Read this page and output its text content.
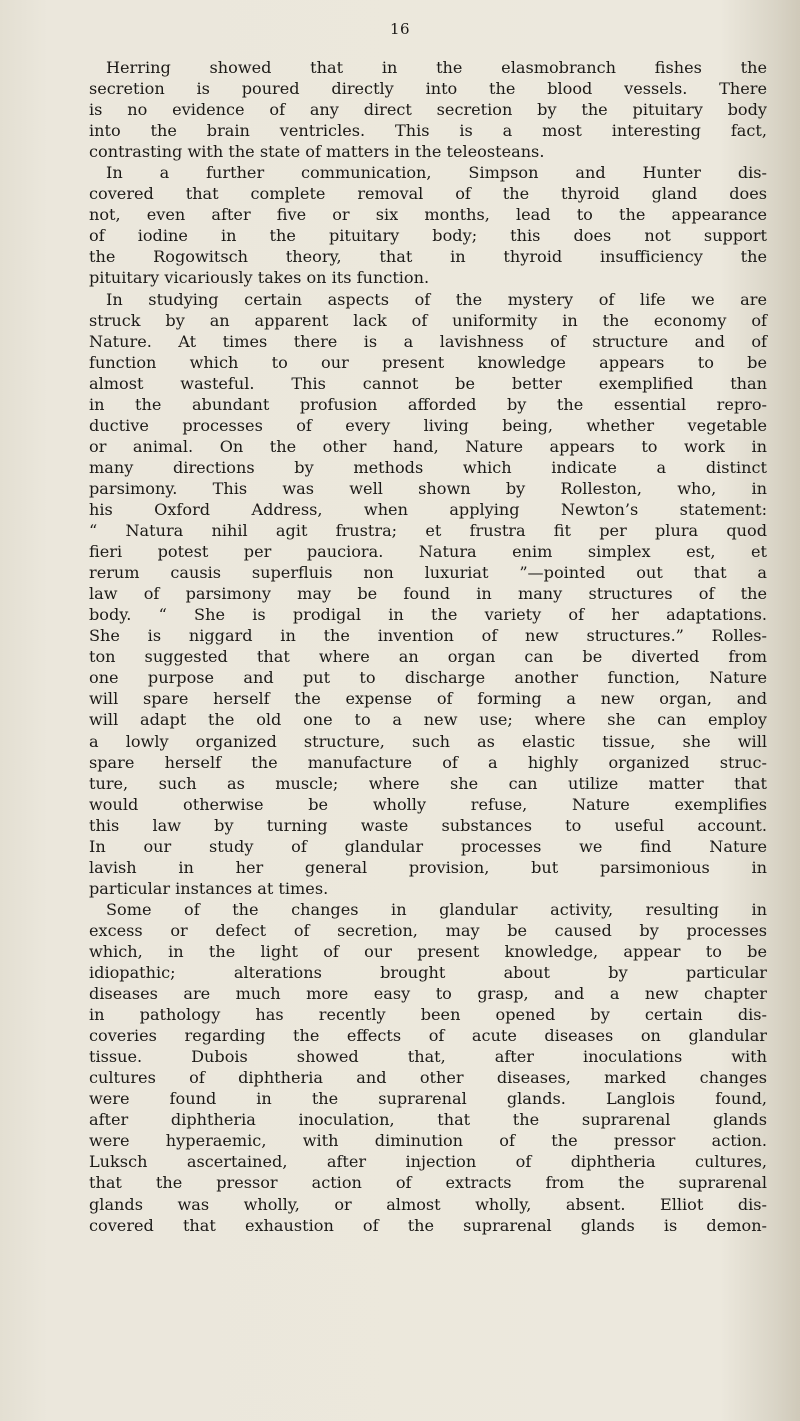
16
Herring showed that in the elasmobranch fishes the
secretion is poured directly into the blood vessels. There
is no evidence of any direct secretion by the pituitary body
into the brain ventricles. This is a most interesting fact,
contrasting with the state of matters in the teleosteans.
In a further communication, Simpson and Hunter dis-
covered that complete removal of the thyroid gland does
not, even after five or six months, lead to the appearance
of iodine in the pituitary body; this does not support
the Rogowitsch theory, that in thyroid insufficiency the
pituitary vicariously takes on its function.
In studying certain aspects of the mystery of life we are
struck by an apparent lack of uniformity in the economy of
Nature. At times there is a lavishness of structure and of
function which to our present knowledge appears to be
almost wasteful. This cannot be better exemplified than
in the abundant profusion afforded by the essential repro-
ductive processes of every living being, whether vegetable
or animal. On the other hand, Nature appears to work in
many directions by methods which indicate a distinct
parsimony. This was well shown by Rolleston, who, in
his Oxford Address, when applying Newton’s statement:
“ Natura nihil agit frustra; et frustra fit per plura quod
fieri potest per pauciora. Natura enim simplex est, et
rerum causis superfluis non luxuriat ”—pointed out that a
law of parsimony may be found in many structures of the
body. “ She is prodigal in the variety of her adaptations.
She is niggard in the invention of new structures.” Rolles-
ton suggested that where an organ can be diverted from
one purpose and put to discharge another function, Nature
will spare herself the expense of forming a new organ, and
will adapt the old one to a new use; where she can employ
a lowly organized structure, such as elastic tissue, she will
spare herself the manufacture of a highly organized struc-
ture, such as muscle; where she can utilize matter that
would otherwise be wholly refuse, Nature exemplifies
this law by turning waste substances to useful account.
In our study of glandular processes we find Nature
lavish in her general provision, but parsimonious in
particular instances at times.
Some of the changes in glandular activity, resulting in
excess or defect of secretion, may be caused by processes
which, in the light of our present knowledge, appear to be
idiopathic; alterations brought about by particular
diseases are much more easy to grasp, and a new chapter
in pathology has recently been opened by certain dis-
coveries regarding the effects of acute diseases on glandular
tissue. Dubois showed that, after inoculations with
cultures of diphtheria and other diseases, marked changes
were found in the suprarenal glands. Langlois found,
after diphtheria inoculation, that the suprarenal glands
were hyperaemic, with diminution of the pressor action.
Luksch ascertained, after injection of diphtheria cultures,
that the pressor action of extracts from the suprarenal
glands was wholly, or almost wholly, absent. Elliot dis-
covered that exhaustion of the suprarenal glands is demon-
